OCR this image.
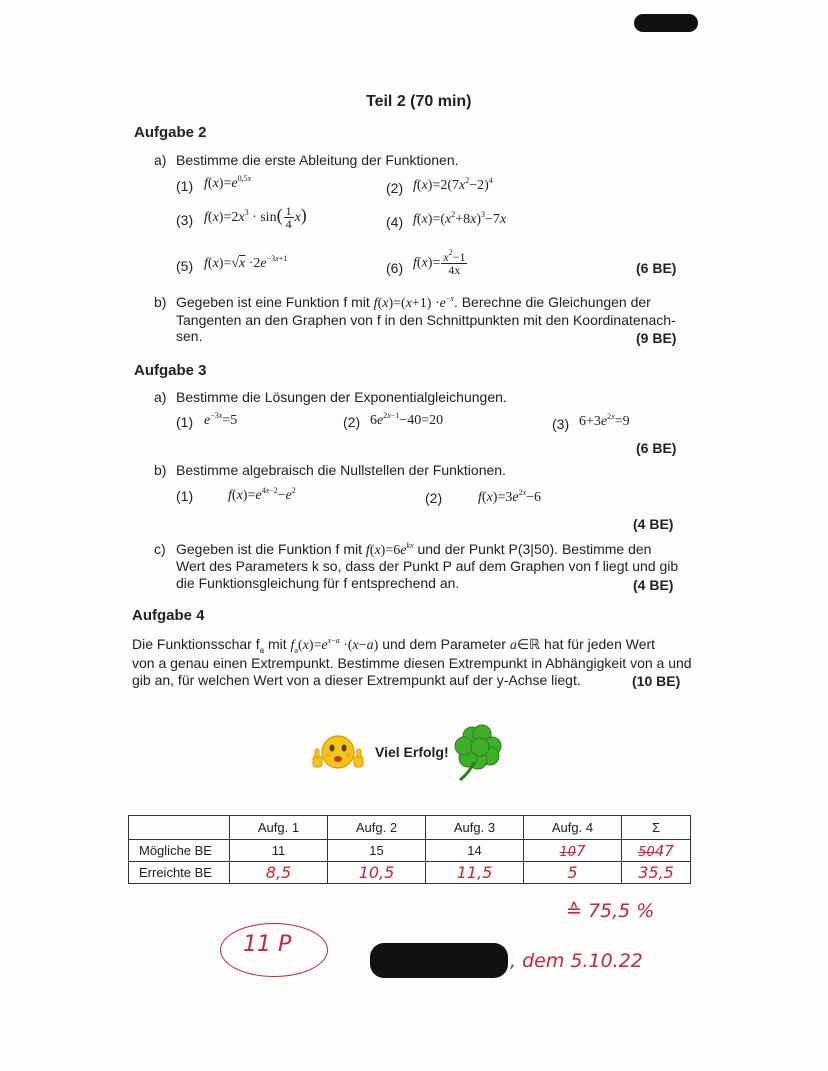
Teil 2 (70 min)
Aufgabe 2
a) Bestimme die erste Ableitung der Funktionen.
(1) $f(x)=e^{0,5x}$
(2) $f(x)=2(7x^2-2)^4$
(3) $f(x)=2x^3 \cdot \sin( \frac{1}{4} x)$	(4) $f(x)=(x^2+8x)^3-7x$
(5) $f(x)=√x \cdot 2e^{-3x+1}$
(6) $f(x)= \frac{x^2-1}{4x}$	(6 BE)
b) Gegeben ist eine Funktion f mit $f(x)=(x+1) \cdot e^{-x}$. Berechne die Gleichungen der
Tangenten an den Graphen von f in den Schnittpunkten mit den Koordinatenach-
sen.	(9 BE)
Aufgabe 3
a) Bestimme die Lösungen der Exponentialgleichungen.
(1) $e^{-3x}=5$	(2) $6e^{2x-1}-40=20$	(3) $6+3e^{2x}=9$
(6 BE)
b) Bestimme algebraisch die Nullstellen der Funktionen.
(1) $f(x)=e^{4x-2}-e^2$	(2)	$f(x)=3e^{2x}-6$
(4 BE)
c) Gegeben ist die Funktion f mit $f(x)=6e^{kx}$ und der Punkt P(3|50). Bestimme den
Wert des Parameters k so, dass der Punkt P auf dem Graphen von f liegt und gib
die Funktionsgleichung für f entsprechend an.	(4 BE)
Aufgabe 4
Die Funktionsschar $f_a$ mit $f_a(x)=e^{x-a} \cdot(x-a)$ und dem Parameter a∈ℝ hat für jeden Wert
von a genau einen Extrempunkt. Bestimme diesen Extrempunkt in Abhängigkeit von a und
gib an, für welchen Wert von a dieser Extrempunkt auf der y-Achse liegt.	(10 BE)
Viel Erfolg!
	Aufg. 1	Aufg. 2	Aufg. 3	Aufg. 4	Σ
Mögliche BE	11	15	14	107	5047
Erreichte BE	8,5	10,5	11,5	5	35,5
≙ 75,5 %
11 P
, dem 5.10.22
